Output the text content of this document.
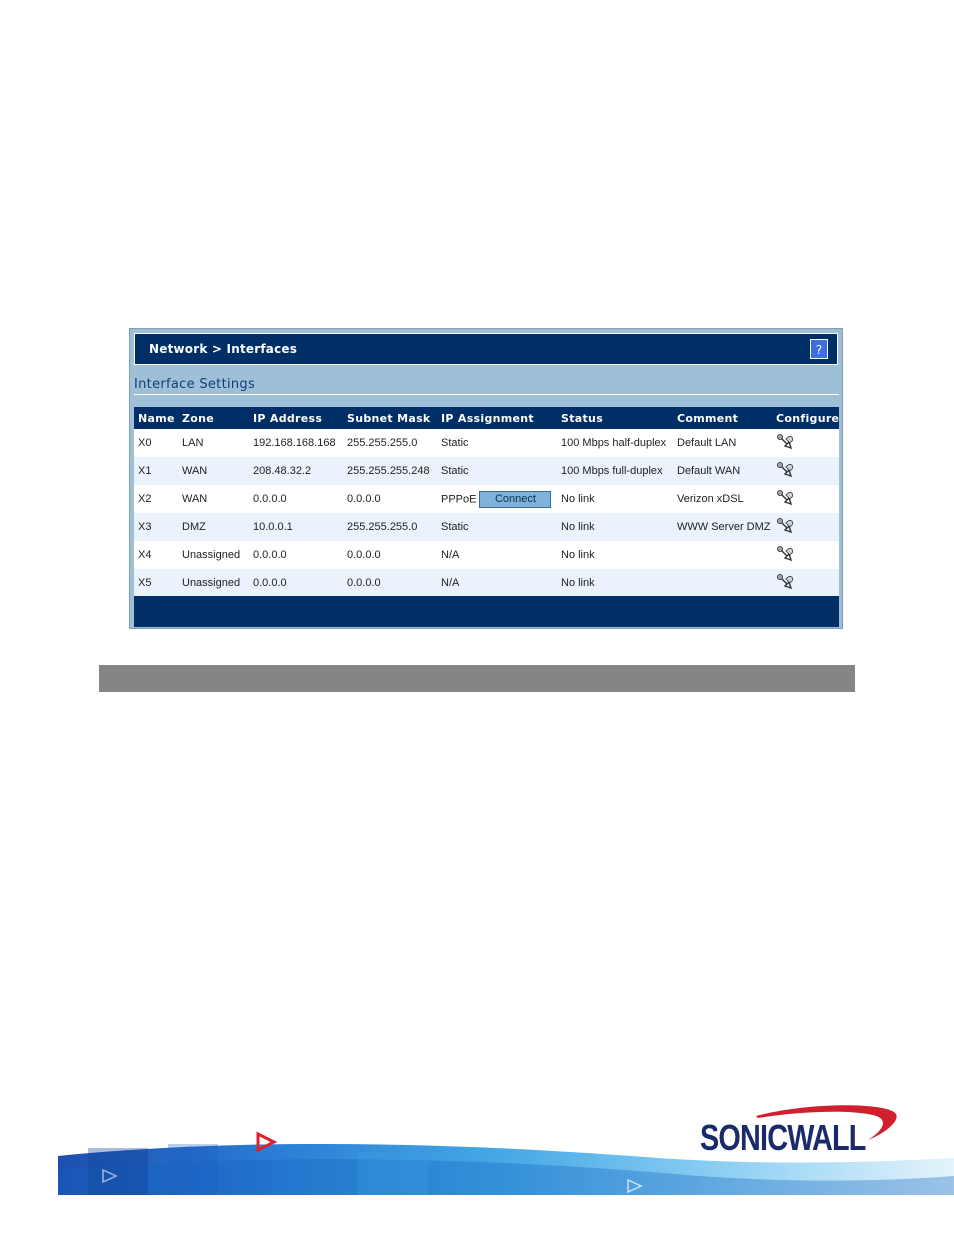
Network > Interfaces	?
Interface Settings
Name	Zone	IP Address	Subnet Mask	IP Assignment	Status	Comment	Configure
X0	LAN	192.168.168.168	255.255.255.0	Static	100 Mbps half-duplex	Default LAN	
X1	WAN	208.48.32.2	255.255.255.248	Static	100 Mbps full-duplex	Default WAN	
X2	WAN	0.0.0.0	0.0.0.0	PPPoE Connect	No link	Verizon xDSL	
X3	DMZ	10.0.0.1	255.255.255.0	Static	No link	WWW Server DMZ	
X4	Unassigned	0.0.0.0	0.0.0.0	N/A	No link		
X5	Unassigned	0.0.0.0	0.0.0.0	N/A	No link		
SONICWALL
